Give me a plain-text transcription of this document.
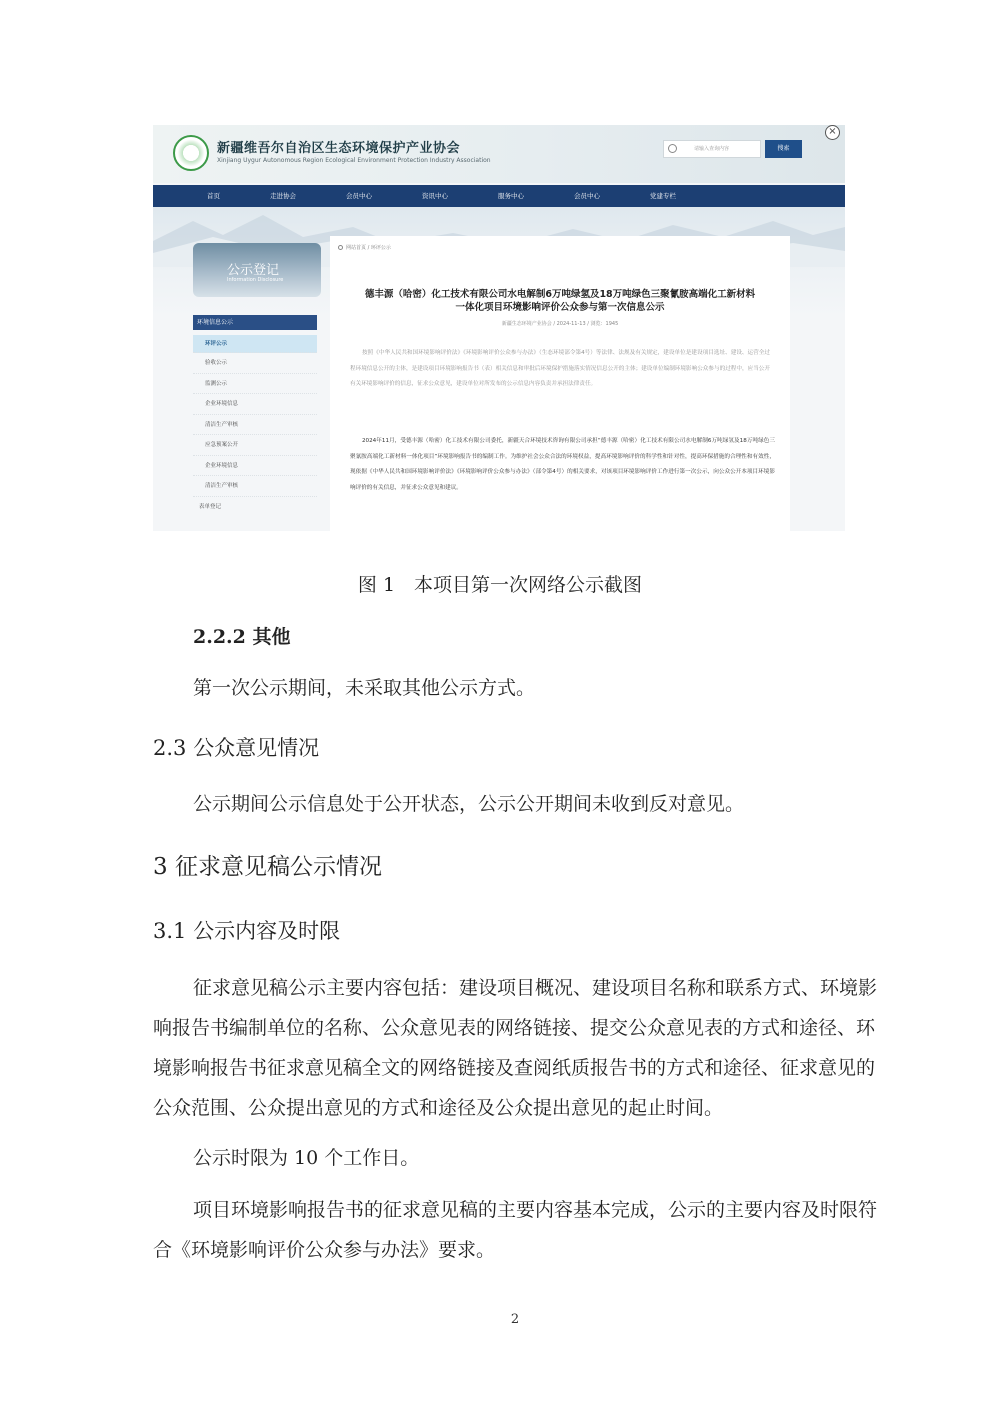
新疆维吾尔自治区生态环境保护产业协会
Xinjiang Uygur Autonomous Region Ecological Environment Protection Industry Association
请输入查询内容	搜索
×
首页	走进协会	会员中心	资讯中心	服务中心	会员中心	党建专栏
公示登记
Information Disclosure
环境信息公示
环评公示
验收公示
监测公示
企业环境信息
清洁生产审核
应急预案公开
企业环境信息
清洁生产审核
表单登记
网站首页 / 环评公示
德丰源（哈密）化工技术有限公司水电解制6万吨绿氢及18万吨绿色三聚氰胺高端化工新材料
一体化项目环境影响评价公众参与第一次信息公示
新疆生态环境产业协会 / 2024-11-13 / 浏览：1945
按照《中华人民共和国环境影响评价法》《环境影响评价公众参与办法》（生态环境部令第4号）等法律、法规及有关规定，建设单位是建设项目选址、建设、运营全过程环境信息公开的主体，是建设项目环境影响报告书（表）相关信息和审批后环境保护措施落实情况信息公开的主体；建设单位编制环境影响公众参与的过程中，应当公开有关环境影响评价的信息，征求公众意见，建设单位对所发布的公示信息内容负责并承担法律责任。
2024年11月，受德丰源（哈密）化工技术有限公司委托，新疆天合环境技术咨询有限公司承担“德丰源（哈密）化工技术有限公司水电解制6万吨绿氢及18万吨绿色三聚氰胺高端化工新材料一体化项目”环境影响报告书的编制工作。为维护社会公众合法的环境权益，提高环境影响评价的科学性和针对性，提高环保措施的合理性和有效性，现依据《中华人民共和国环境影响评价法》《环境影响评价公众参与办法》（部令第4号）的相关要求，对该项目环境影响评价工作进行第一次公示，向公众公开本项目环境影响评价的有关信息，并征求公众意见和建议。
图 1　本项目第一次网络公示截图
2.2.2 其他
第一次公示期间，未采取其他公示方式。
2.3 公众意见情况
公示期间公示信息处于公开状态，公示公开期间未收到反对意见。
3 征求意见稿公示情况
3.1 公示内容及时限
征求意见稿公示主要内容包括：建设项目概况、建设项目名称和联系方式、环境影响报告书编制单位的名称、公众意见表的网络链接、提交公众意见表的方式和途径、环境影响报告书征求意见稿全文的网络链接及查阅纸质报告书的方式和途径、征求意见的公众范围、公众提出意见的方式和途径及公众提出意见的起止时间。
公示时限为 10 个工作日。
项目环境影响报告书的征求意见稿的主要内容基本完成，公示的主要内容及时限符合《环境影响评价公众参与办法》要求。
2
